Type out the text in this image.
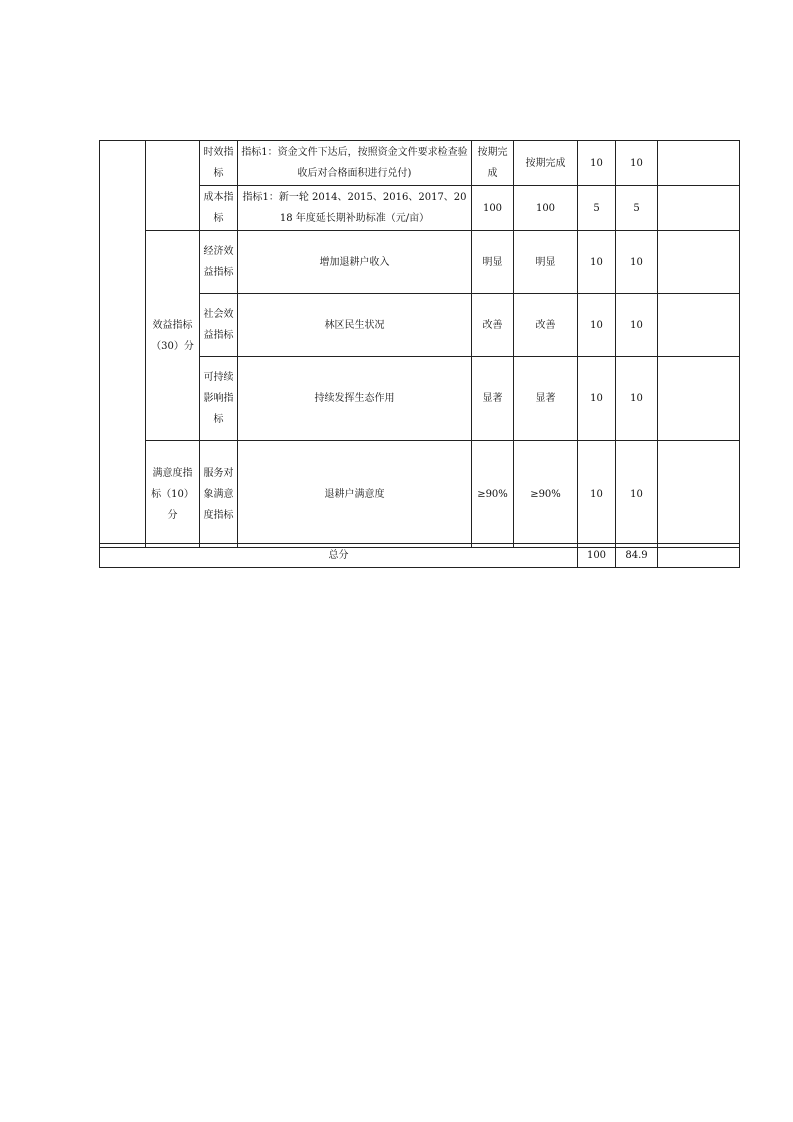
		时效指标	指标1：资金文件下达后，按照资金文件要求检查验收后对合格面积进行兑付)	按期完成	按期完成	10	10	
		成本指标	指标1：新一轮 2014、2015、2016、2017、2018 年度延长期补助标准（元/亩）	100	100	5	5	
	效益指标（30）分	经济效益指标	增加退耕户收入	明显	明显	10	10	
		社会效益指标	林区民生状况	改善	改善	10	10	
		可持续影响指标	持续发挥生态作用	显著	显著	10	10	
	满意度指标（10）分	服务对象满意度指标	退耕户满意度	≥90%	≥90%	10	10	
总分	100	84.9	
